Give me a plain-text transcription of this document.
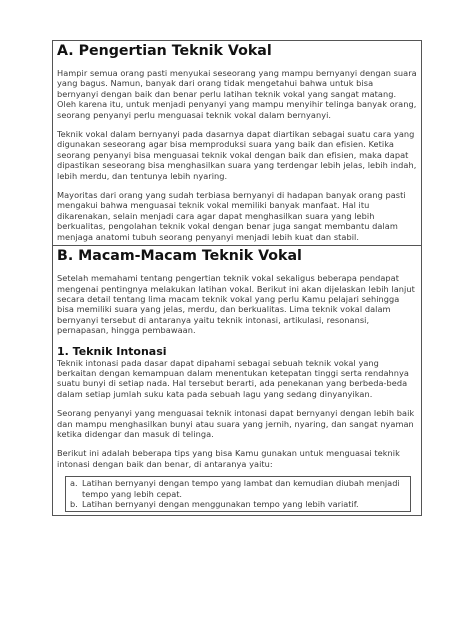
A. Pengertian Teknik Vokal

Hampir semua orang pasti menyukai seseorang yang mampu bernyanyi dengan suara yang bagus. Namun, banyak dari orang tidak mengetahui bahwa untuk bisa bernyanyi dengan baik dan benar perlu latihan teknik vokal yang sangat matang. Oleh karena itu, untuk menjadi penyanyi yang mampu menyihir telinga banyak orang, seorang penyanyi perlu menguasai teknik vokal dalam bernyanyi.

Teknik vokal dalam bernyanyi pada dasarnya dapat diartikan sebagai suatu cara yang digunakan seseorang agar bisa memproduksi suara yang baik dan efisien. Ketika seorang penyanyi bisa menguasai teknik vokal dengan baik dan efisien, maka dapat dipastikan seseorang bisa menghasilkan suara yang terdengar lebih jelas, lebih indah, lebih merdu, dan tentunya lebih nyaring.

Mayoritas dari orang yang sudah terbiasa bernyanyi di hadapan banyak orang pasti mengakui bahwa menguasai teknik vokal memiliki banyak manfaat. Hal itu dikarenakan, selain menjadi cara agar dapat menghasilkan suara yang lebih berkualitas, pengolahan teknik vokal dengan benar juga sangat membantu dalam menjaga anatomi tubuh seorang penyanyi menjadi lebih kuat dan stabil.

B. Macam-Macam Teknik Vokal

Setelah memahami tentang pengertian teknik vokal sekaligus beberapa pendapat mengenai pentingnya melakukan latihan vokal. Berikut ini akan dijelaskan lebih lanjut secara detail tentang lima macam teknik vokal yang perlu Kamu pelajari sehingga bisa memiliki suara yang jelas, merdu, dan berkualitas. Lima teknik vokal dalam bernyanyi tersebut di antaranya yaitu teknik intonasi, artikulasi, resonansi, pernapasan, hingga pembawaan.

1. Teknik Intonasi

Teknik intonasi pada dasar dapat dipahami sebagai sebuah teknik vokal yang berkaitan dengan kemampuan dalam menentukan ketepatan tinggi serta rendahnya suatu bunyi di setiap nada. Hal tersebut berarti, ada penekanan yang berbeda-beda dalam setiap jumlah suku kata pada sebuah lagu yang sedang dinyanyikan.

Seorang penyanyi yang menguasai teknik intonasi dapat bernyanyi dengan lebih baik dan mampu menghasilkan bunyi atau suara yang jernih, nyaring, dan sangat nyaman ketika didengar dan masuk di telinga.

Berikut ini adalah beberapa tips yang bisa Kamu gunakan untuk menguasai teknik intonasi dengan baik dan benar, di antaranya yaitu:

a. Latihan bernyanyi dengan tempo yang lambat dan kemudian diubah menjadi tempo yang lebih cepat.
b. Latihan bernyanyi dengan menggunakan tempo yang lebih variatif.
